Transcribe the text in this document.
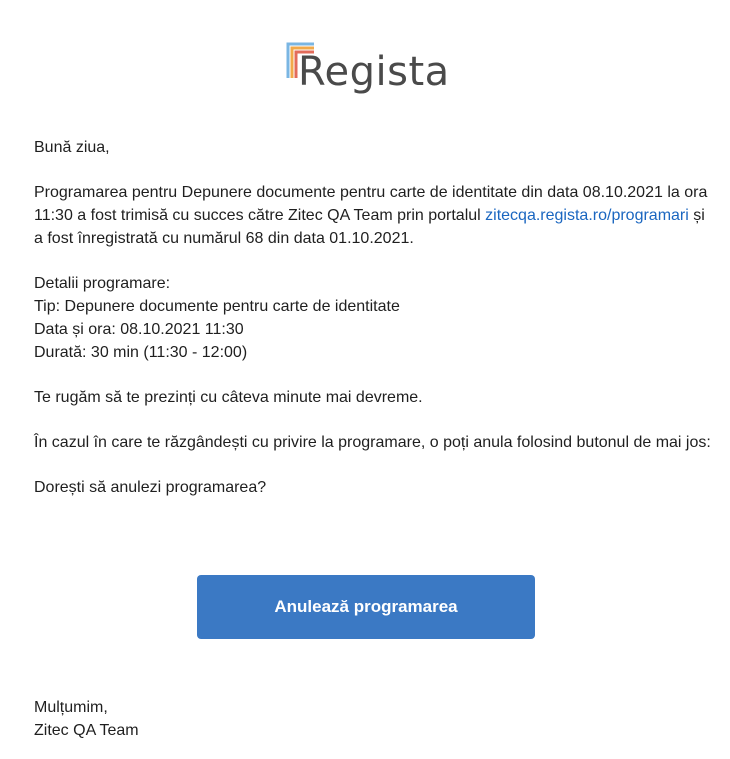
Regista

Bună ziua,

Programarea pentru Depunere documente pentru carte de identitate din data 08.10.2021 la ora 11:30 a fost trimisă cu succes către Zitec QA Team prin portalul zitecqa.regista.ro/programari și a fost înregistrată cu numărul 68 din data 01.10.2021.

Detalii programare:

Tip: Depunere documente pentru carte de identitate

Data și ora: 08.10.2021 11:30

Durată: 30 min (11:30 - 12:00)

Te rugăm să te prezinți cu câteva minute mai devreme.

În cazul în care te răzgândești cu privire la programare, o poți anula folosind butonul de mai jos:

Dorești să anulezi programarea?

Anulează programarea

Mulțumim,

Zitec QA Team
